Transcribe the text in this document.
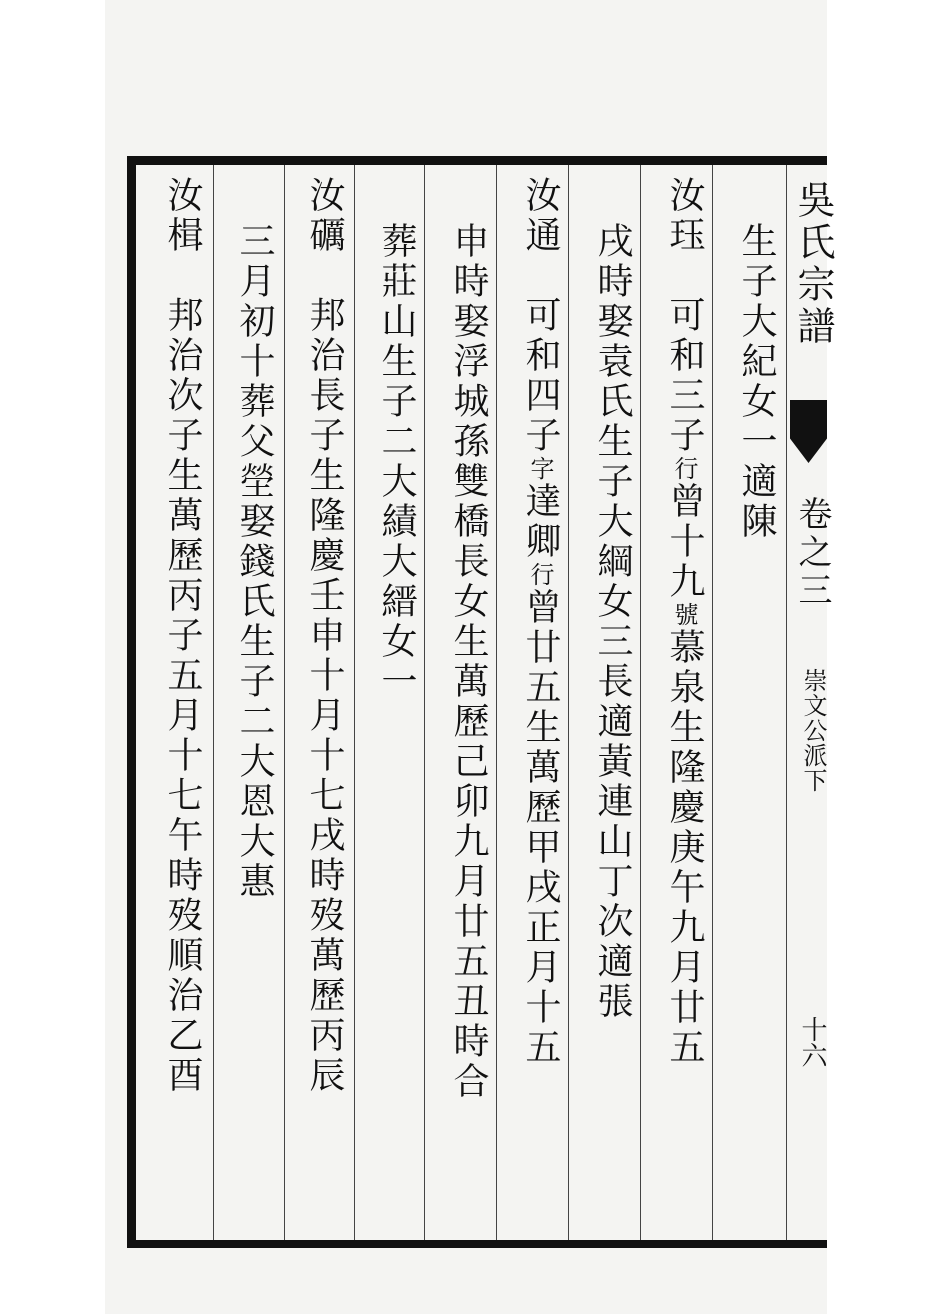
吳氏宗譜
卷之三
崇文公派下
十六
生子大紀女一適陳
汝珏　可和三子行曾十九號慕泉生隆慶庚午九月廿五
戌時娶袁氏生子大綱女三長適黃連山丁次適張
汝通　可和四子字達卿行曾廿五生萬歷甲戌正月十五
申時娶浮城孫雙橋長女生萬歷己卯九月廿五丑時合
葬莊山生子二大績大縉女一
汝礪　邦治長子生隆慶壬申十月十七戌時歿萬歷丙辰
三月初十葬父塋娶錢氏生子二大恩大惠
汝楫　邦治次子生萬歷丙子五月十七午時歿順治乙酉
